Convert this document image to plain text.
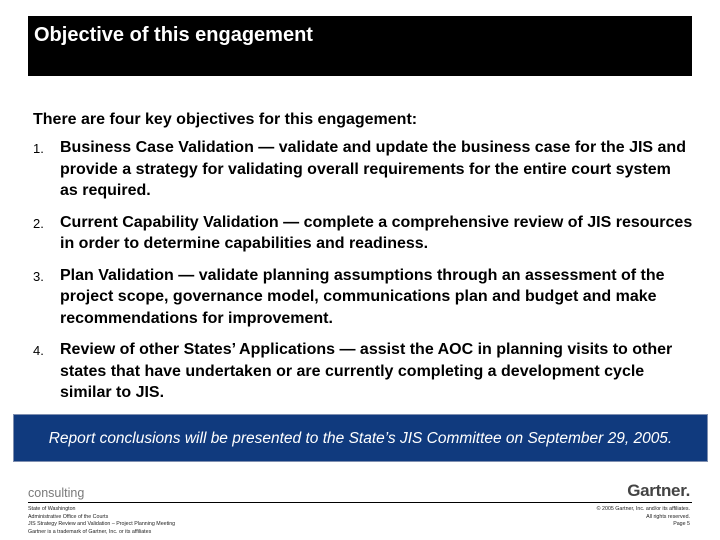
Objective of this engagement
There are four key objectives for this engagement:
1. Business Case Validation — validate and update the business case for the JIS and provide a strategy for validating overall requirements for the entire court system as required.
2. Current Capability Validation — complete a comprehensive review of JIS resources in order to determine capabilities and readiness.
3. Plan Validation — validate planning assumptions through an assessment of the project scope, governance model, communications plan and budget and make recommendations for improvement.
4. Review of other States’ Applications — assist the AOC in planning visits to other states that have undertaken or are currently completing a development cycle similar to JIS.
Report conclusions will be presented to the State’s JIS Committee on September 29, 2005.
consulting	Gartner.
State of Washington
Administrative Office of the Courts
JIS Strategy Review and Validation – Project Planning Meeting
Gartner is a trademark of Gartner, Inc. or its affiliates
© 2005 Gartner, Inc. and/or its affiliates.
All rights reserved.
Page 5
